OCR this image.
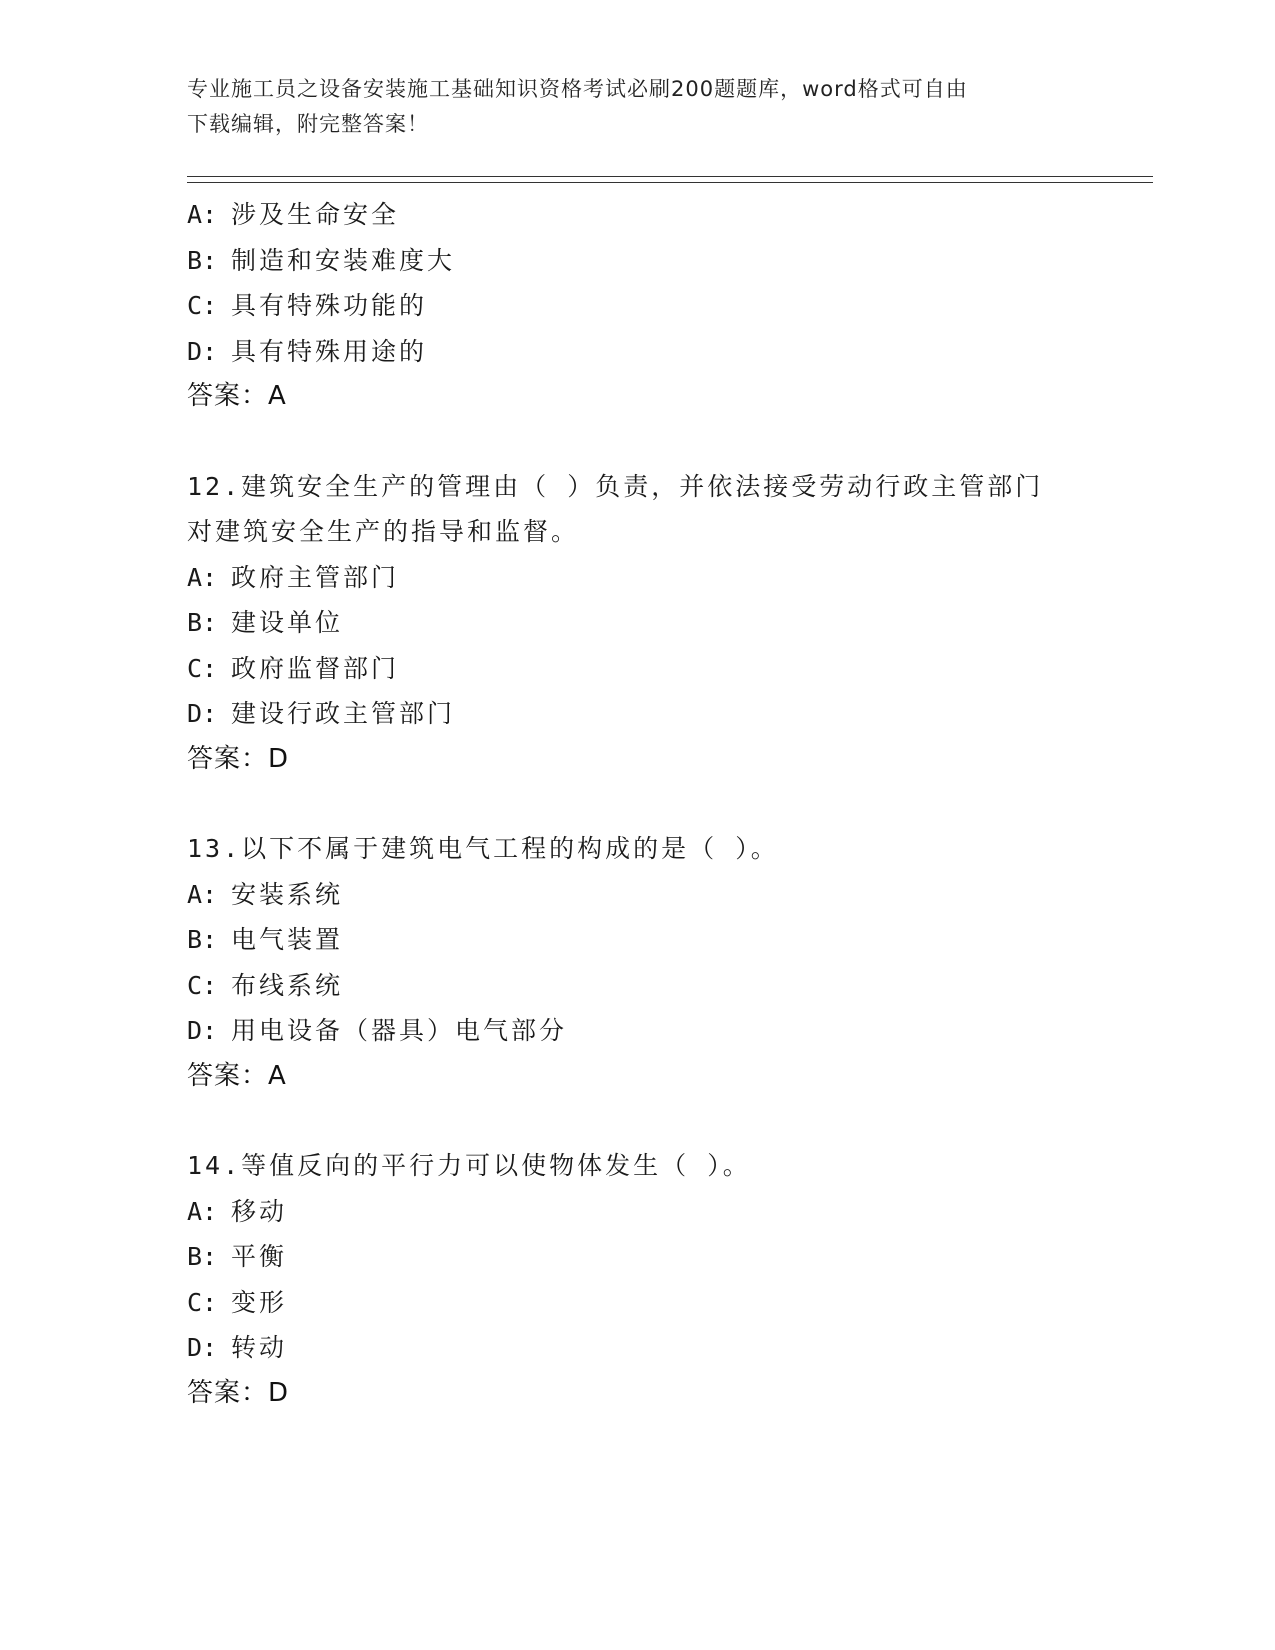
专业施工员之设备安装施工基础知识资格考试必刷200题题库，word格式可自由
下载编辑，附完整答案！
A: 涉及生命安全
B: 制造和安装难度大
C: 具有特殊功能的
D: 具有特殊用途的
答案：A
12.建筑安全生产的管理由（ ）负责，并依法接受劳动行政主管部门
对建筑安全生产的指导和监督。
A: 政府主管部门
B: 建设单位
C: 政府监督部门
D: 建设行政主管部门
答案：D
13.以下不属于建筑电气工程的构成的是（ ）。
A: 安装系统
B: 电气装置
C: 布线系统
D: 用电设备（器具）电气部分
答案：A
14.等值反向的平行力可以使物体发生（ ）。
A: 移动
B: 平衡
C: 变形
D: 转动
答案：D
